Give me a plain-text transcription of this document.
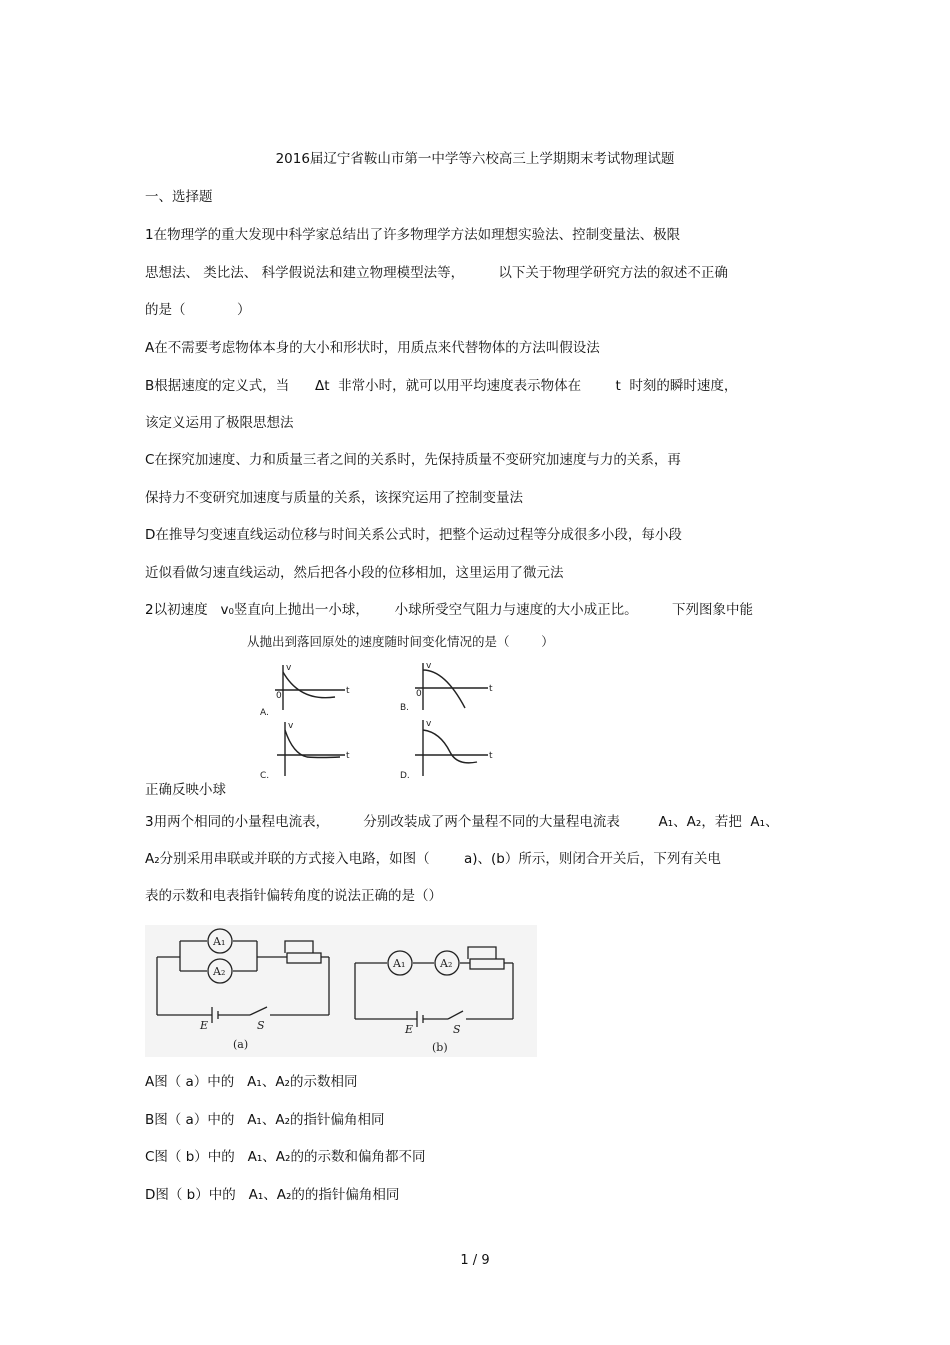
2016届辽宁省鞍山市第一中学等六校高三上学期期末考试物理试题
一、选择题
1在物理学的重大发现中科学家总结出了许多物理学方法如理想实验法、控制变量法、极限
思想法、 类比法、 科学假说法和建立物理模型法等，        以下关于物理学研究方法的叙述不正确
的是（            ）
A在不需要考虑物体本身的大小和形状时，用质点来代替物体的方法叫假设法
B根据速度的定义式，当      Δt  非常小时，就可以用平均速度表示物体在        t  时刻的瞬时速度，
该定义运用了极限思想法
C在探究加速度、力和质量三者之间的关系时，先保持质量不变研究加速度与力的关系，再
保持力不变研究加速度与质量的关系，该探究运用了控制变量法
D在推导匀变速直线运动位移与时间关系公式时，把整个运动过程等分成很多小段，每小段
近似看做匀速直线运动，然后把各小段的位移相加，这里运用了微元法
2以初速度   v₀竖直向上抛出一小球，      小球所受空气阻力与速度的大小成正比。        下列图象中能
从抛出到落回原处的速度随时间变化情况的是（        ）
A.	B.
C.	D.
v	v
v	v
t	t
t	t
0	0
正确反映小球
3用两个相同的小量程电流表，        分别改装成了两个量程不同的大量程电流表         A₁、A₂，若把  A₁、
A₂分别采用串联或并联的方式接入电路，如图（        a)、(b）所示，则闭合开关后，下列有关电
表的示数和电表指针偏转角度的说法正确的是（）
A₁
A₂
E	S
(a)
A₁	A₂
E	S
(b)
A图（ a）中的   A₁、A₂的示数相同
B图（ a）中的   A₁、A₂的指针偏角相同
C图（ b）中的   A₁、A₂的的示数和偏角都不同
D图（ b）中的   A₁、A₂的的指针偏角相同
1 / 9
